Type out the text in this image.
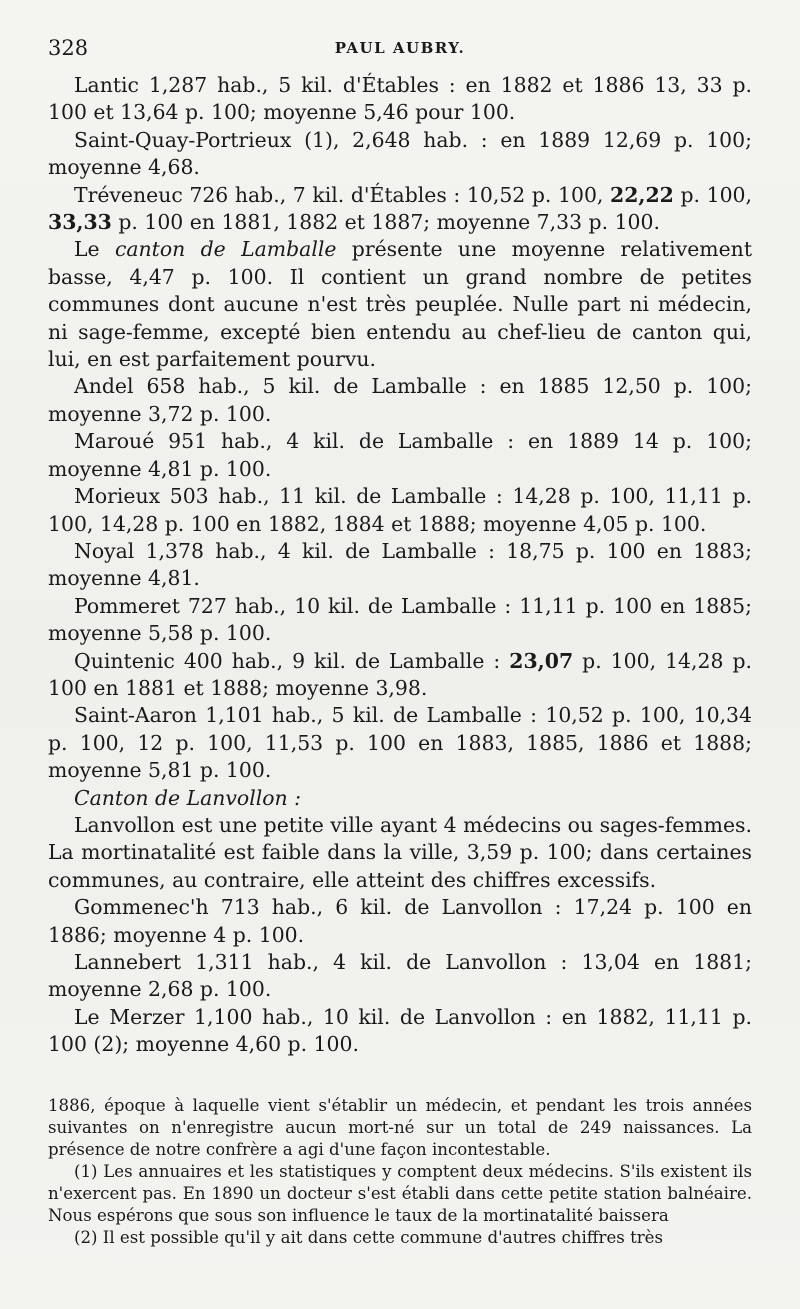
328	PAUL AUBRY.

Lantic 1,287 hab., 5 kil. d'Étables : en 1882 et 1886 13, 33 p. 100 et 13,64 p. 100; moyenne 5,46 pour 100.

Saint-Quay-Portrieux (1), 2,648 hab. : en 1889 12,69 p. 100; moyenne 4,68.

Tréveneuc 726 hab., 7 kil. d'Étables : 10,52 p. 100, 22,22 p. 100, 33,33 p. 100 en 1881, 1882 et 1887; moyenne 7,33 p. 100.

Le canton de Lamballe présente une moyenne relativement basse, 4,47 p. 100. Il contient un grand nombre de petites communes dont aucune n'est très peuplée. Nulle part ni médecin, ni sage-femme, excepté bien entendu au chef-lieu de canton qui, lui, en est parfaitement pourvu.

Andel 658 hab., 5 kil. de Lamballe : en 1885 12,50 p. 100; moyenne 3,72 p. 100.

Maroué 951 hab., 4 kil. de Lamballe : en 1889 14 p. 100; moyenne 4,81 p. 100.

Morieux 503 hab., 11 kil. de Lamballe : 14,28 p. 100, 11,11 p. 100, 14,28 p. 100 en 1882, 1884 et 1888; moyenne 4,05 p. 100.

Noyal 1,378 hab., 4 kil. de Lamballe : 18,75 p. 100 en 1883; moyenne 4,81.

Pommeret 727 hab., 10 kil. de Lamballe : 11,11 p. 100 en 1885; moyenne 5,58 p. 100.

Quintenic 400 hab., 9 kil. de Lamballe : 23,07 p. 100, 14,28 p. 100 en 1881 et 1888; moyenne 3,98.

Saint-Aaron 1,101 hab., 5 kil. de Lamballe : 10,52 p. 100, 10,34 p. 100, 12 p. 100, 11,53 p. 100 en 1883, 1885, 1886 et 1888; moyenne 5,81 p. 100.

Canton de Lanvollon :

Lanvollon est une petite ville ayant 4 médecins ou sages-femmes. La mortinatalité est faible dans la ville, 3,59 p. 100; dans certaines communes, au contraire, elle atteint des chiffres excessifs.

Gommenec'h 713 hab., 6 kil. de Lanvollon : 17,24 p. 100 en 1886; moyenne 4 p. 100.

Lannebert 1,311 hab., 4 kil. de Lanvollon : 13,04 en 1881; moyenne 2,68 p. 100.

Le Merzer 1,100 hab., 10 kil. de Lanvollon : en 1882, 11,11 p. 100 (2); moyenne 4,60 p. 100.

1886, époque à laquelle vient s'établir un médecin, et pendant les trois années suivantes on n'enregistre aucun mort-né sur un total de 249 naissances. La présence de notre confrère a agi d'une façon incontestable.

(1) Les annuaires et les statistiques y comptent deux médecins. S'ils existent ils n'exercent pas. En 1890 un docteur s'est établi dans cette petite station balnéaire. Nous espérons que sous son influence le taux de la mortinatalité baissera

(2) Il est possible qu'il y ait dans cette commune d'autres chiffres très
